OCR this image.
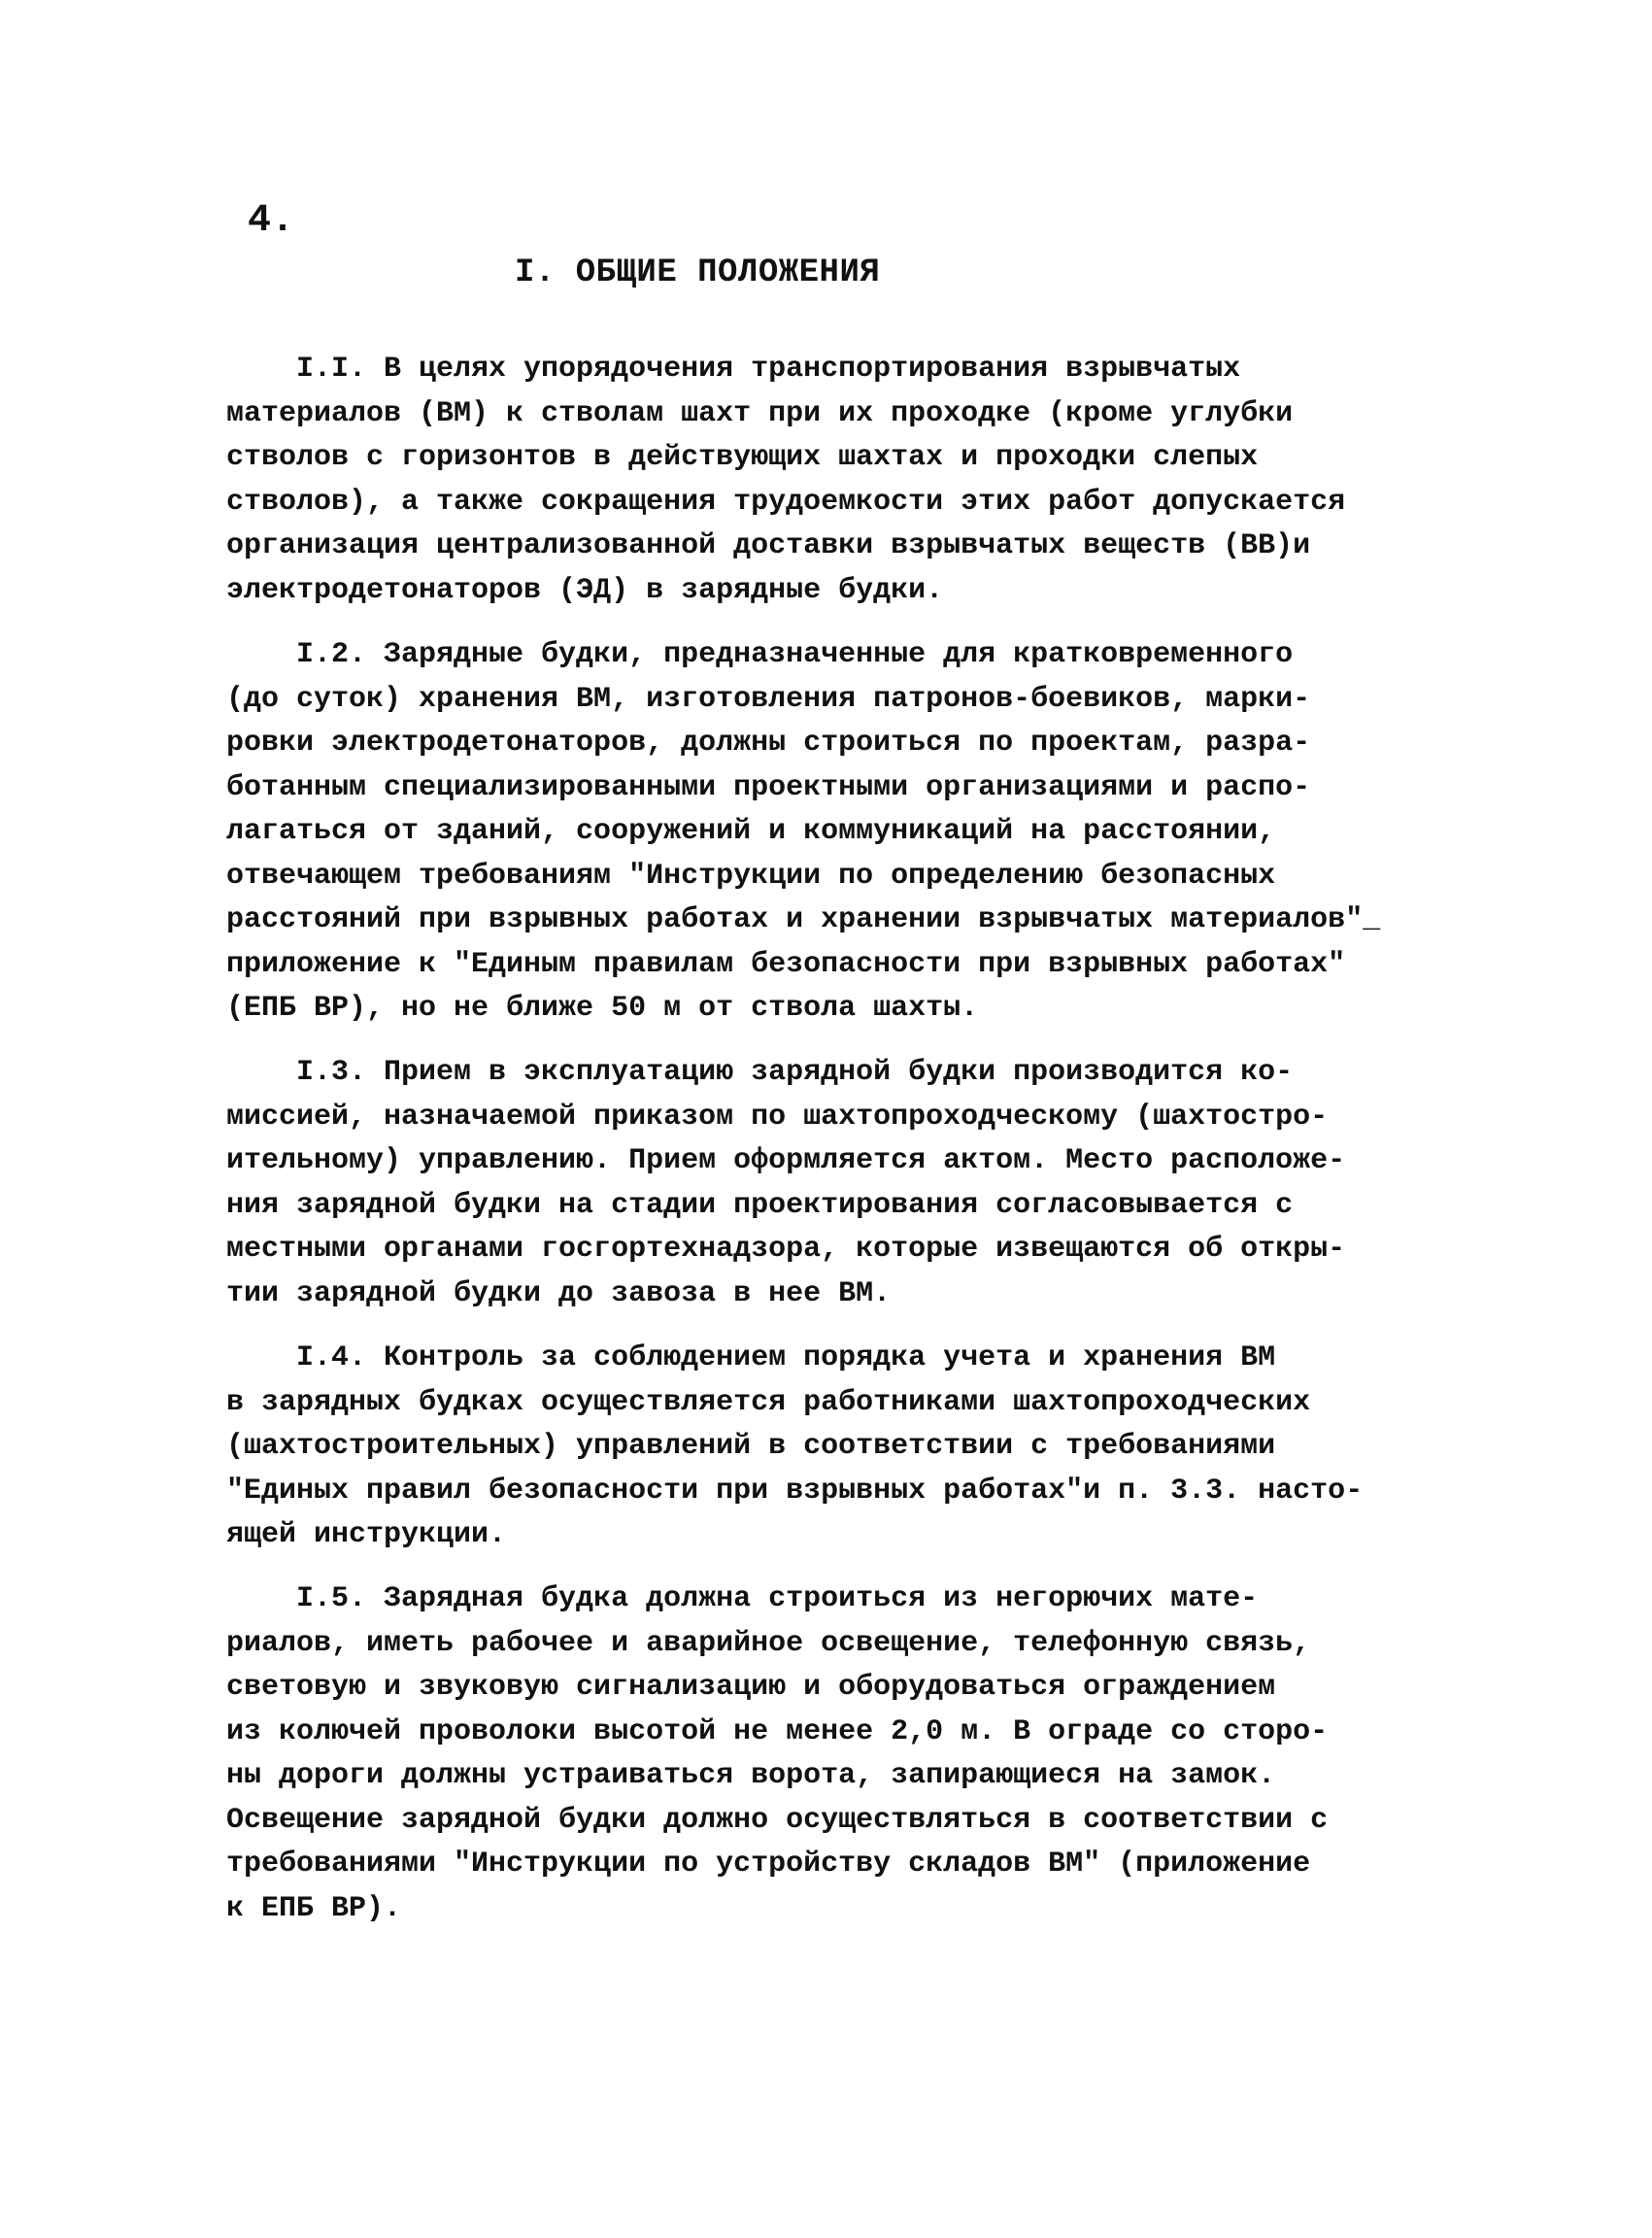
4.
I. ОБЩИЕ ПОЛОЖЕНИЯ
I.I. В целях упорядочения транспортирования взрывчатых
материалов (ВМ) к стволам шахт при их проходке (кроме углубки
стволов с горизонтов в действующих шахтах и проходки слепых
стволов), а также сокращения трудоемкости этих работ допускается
организация централизованной доставки взрывчатых веществ (ВВ)и
электродетонаторов (ЭД) в зарядные будки.
I.2. Зарядные будки, предназначенные для кратковременного
(до суток) хранения ВМ, изготовления патронов-боевиков, марки-
ровки электродетонаторов, должны строиться по проектам, разра-
ботанным специализированными проектными организациями и распо-
лагаться от зданий, сооружений и коммуникаций на расстоянии,
отвечающем требованиям "Инструкции по определению безопасных
расстояний при взрывных работах и хранении взрывчатых материалов"_
приложение к "Единым правилам безопасности при взрывных работах"
(ЕПБ ВР), но не ближе 50 м от ствола шахты.
I.3. Прием в эксплуатацию зарядной будки производится ко-
миссией, назначаемой приказом по шахтопроходческому (шахтостро-
ительному) управлению. Прием оформляется актом. Место расположе-
ния зарядной будки на стадии проектирования согласовывается с
местными органами госгортехнадзора, которые извещаются об откры-
тии зарядной будки до завоза в нее ВМ.
I.4. Контроль за соблюдением порядка учета и хранения ВМ
в зарядных будках осуществляется работниками шахтопроходческих
(шахтостроительных) управлений в соответствии с требованиями
"Единых правил безопасности при взрывных работах"и п. 3.3. насто-
ящей инструкции.
I.5. Зарядная будка должна строиться из негорючих мате-
риалов, иметь рабочее и аварийное освещение, телефонную связь,
световую и звуковую сигнализацию и оборудоваться ограждением
из колючей проволоки высотой не менее 2,0 м. В ограде со сторо-
ны дороги должны устраиваться ворота, запирающиеся на замок.
Освещение зарядной будки должно осуществляться в соответствии с
требованиями "Инструкции по устройству складов ВМ" (приложение
к ЕПБ ВР).
